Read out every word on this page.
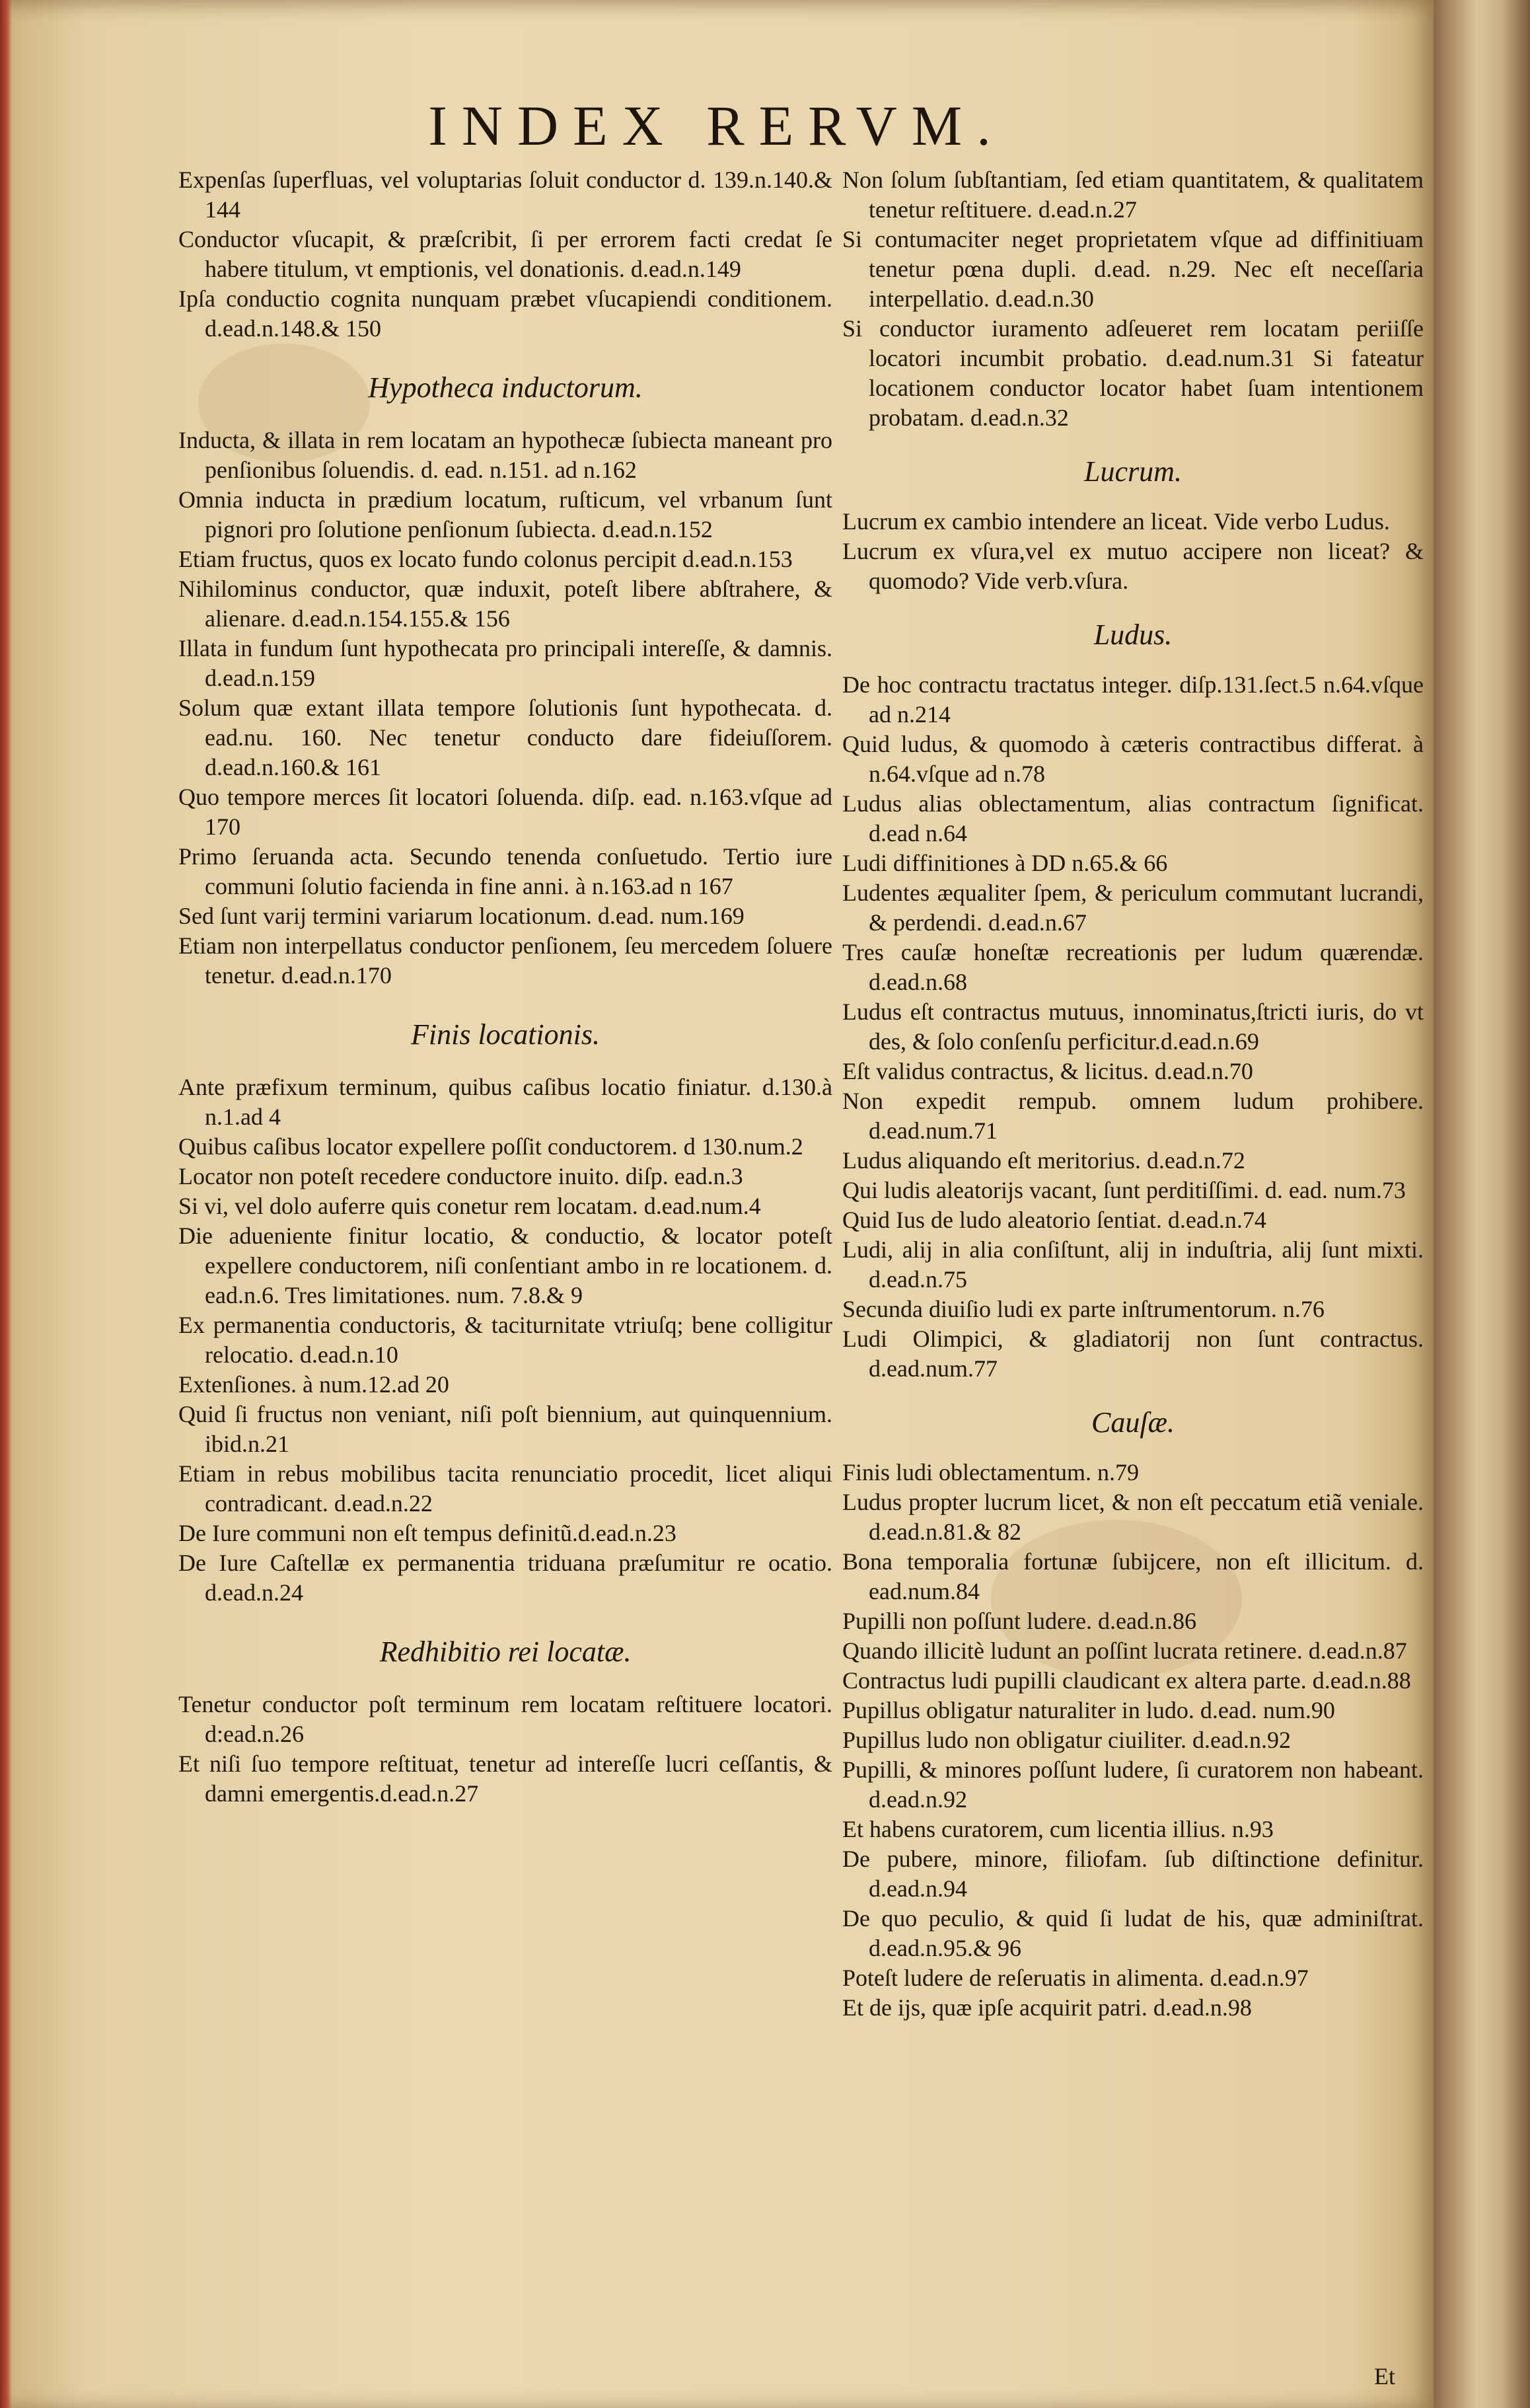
INDEX RERVM.

Expenſas ſuperfluas, vel voluptarias ſoluit conductor d. 139.n.140.& 144

Conductor vſucapit, & præſcribit, ſi per errorem facti credat ſe habere titulum, vt emptionis, vel donationis. d.ead.n.149

Ipſa conductio cognita nunquam præbet vſucapiendi conditionem. d.ead.n.148.& 150

Hypotheca inductorum.

Inducta, & illata in rem locatam an hypothecæ ſubiecta maneant pro penſionibus ſoluendis. d. ead. n.151. ad n.162

Omnia inducta in prædium locatum, ruſticum, vel vrbanum ſunt pignori pro ſolutione penſionum ſubiecta. d.ead.n.152

Etiam fructus, quos ex locato fundo colonus percipit d.ead.n.153

Nihilominus conductor, quæ induxit, poteſt libere abſtrahere, & alienare. d.ead.n.154.155.& 156

Illata in fundum ſunt hypothecata pro principali intereſſe, & damnis. d.ead.n.159

Solum quæ extant illata tempore ſolutionis ſunt hypothecata. d. ead.nu. 160. Nec tenetur conducto dare fideiuſſorem. d.ead.n.160.& 161

Quo tempore merces ſit locatori ſoluenda. diſp. ead. n.163.vſque ad 170

Primo ſeruanda acta. Secundo tenenda conſuetudo. Tertio iure communi ſolutio facienda in fine anni. à n.163.ad n 167

Sed ſunt varij termini variarum locationum. d.ead. num.169

Etiam non interpellatus conductor penſionem, ſeu mercedem ſoluere tenetur. d.ead.n.170

Finis locationis.

Ante præfixum terminum, quibus caſibus locatio finiatur. d.130.à n.1.ad 4

Quibus caſibus locator expellere poſſit conductorem. d 130.num.2

Locator non poteſt recedere conductore inuito. diſp. ead.n.3

Si vi, vel dolo auferre quis conetur rem locatam. d.ead.num.4

Die adueniente finitur locatio, & conductio, & locator poteſt expellere conductorem, niſi conſentiant ambo in re locationem. d. ead.n.6. Tres limitationes. num. 7.8.& 9

Ex permanentia conductoris, & taciturnitate vtriuſq; bene colligitur relocatio. d.ead.n.10

Extenſiones. à num.12.ad 20

Quid ſi fructus non veniant, niſi poſt biennium, aut quinquennium. ibid.n.21

Etiam in rebus mobilibus tacita renunciatio procedit, licet aliqui contradicant. d.ead.n.22

De Iure communi non eſt tempus definitũ.d.ead.n.23

De Iure Caſtellæ ex permanentia triduana præſumitur re ocatio. d.ead.n.24

Redhibitio rei locatæ.

Tenetur conductor poſt terminum rem locatam reſtituere locatori. d:ead.n.26

Et niſi ſuo tempore reſtituat, tenetur ad intereſſe lucri ceſſantis, & damni emergentis.d.ead.n.27

Non ſolum ſubſtantiam, ſed etiam quantitatem, & qualitatem tenetur reſtituere. d.ead.n.27

Si contumaciter neget proprietatem vſque ad diffinitiuam tenetur pœna dupli. d.ead. n.29. Nec eſt neceſſaria interpellatio. d.ead.n.30

Si conductor iuramento adſeueret rem locatam periiſſe locatori incumbit probatio. d.ead.num.31 Si fateatur locationem conductor locator habet ſuam intentionem probatam. d.ead.n.32

Lucrum.

Lucrum ex cambio intendere an liceat. Vide verbo Ludus.

Lucrum ex vſura,vel ex mutuo accipere non liceat? & quomodo? Vide verb.vſura.

Ludus.

De hoc contractu tractatus integer. diſp.131.ſect.5 n.64.vſque ad n.214

Quid ludus, & quomodo à cæteris contractibus differat. à n.64.vſque ad n.78

Ludus alias oblectamentum, alias contractum ſignificat. d.ead n.64

Ludi diffinitiones à DD n.65.& 66

Ludentes æqualiter ſpem, & periculum commutant lucrandi, & perdendi. d.ead.n.67

Tres cauſæ honeſtæ recreationis per ludum quærendæ. d.ead.n.68

Ludus eſt contractus mutuus, innominatus,ſtricti iuris, do vt des, & ſolo conſenſu perficitur.d.ead.n.69

Eſt validus contractus, & licitus. d.ead.n.70

Non expedit rempub. omnem ludum prohibere. d.ead.num.71

Ludus aliquando eſt meritorius. d.ead.n.72

Qui ludis aleatorijs vacant, ſunt perditiſſimi. d. ead. num.73

Quid Ius de ludo aleatorio ſentiat. d.ead.n.74

Ludi, alij in alia conſiſtunt, alij in induſtria, alij ſunt mixti. d.ead.n.75

Secunda diuiſio ludi ex parte inſtrumentorum. n.76

Ludi Olimpici, & gladiatorij non ſunt contractus. d.ead.num.77

Cauſæ.

Finis ludi oblectamentum. n.79

Ludus propter lucrum licet, & non eſt peccatum etiã veniale. d.ead.n.81.& 82

Bona temporalia fortunæ ſubijcere, non eſt illicitum. d. ead.num.84

Pupilli non poſſunt ludere. d.ead.n.86

Quando illicitè ludunt an poſſint lucrata retinere. d.ead.n.87

Contractus ludi pupilli claudicant ex altera parte. d.ead.n.88

Pupillus obligatur naturaliter in ludo. d.ead. num.90

Pupillus ludo non obligatur ciuiliter. d.ead.n.92

Pupilli, & minores poſſunt ludere, ſi curatorem non habeant. d.ead.n.92

Et habens curatorem, cum licentia illius. n.93

De pubere, minore, filiofam. ſub diſtinctione definitur. d.ead.n.94

De quo peculio, & quid ſi ludat de his, quæ adminiſtrat. d.ead.n.95.& 96

Poteſt ludere de reſeruatis in alimenta. d.ead.n.97

Et de ijs, quæ ipſe acquirit patri. d.ead.n.98

Et
